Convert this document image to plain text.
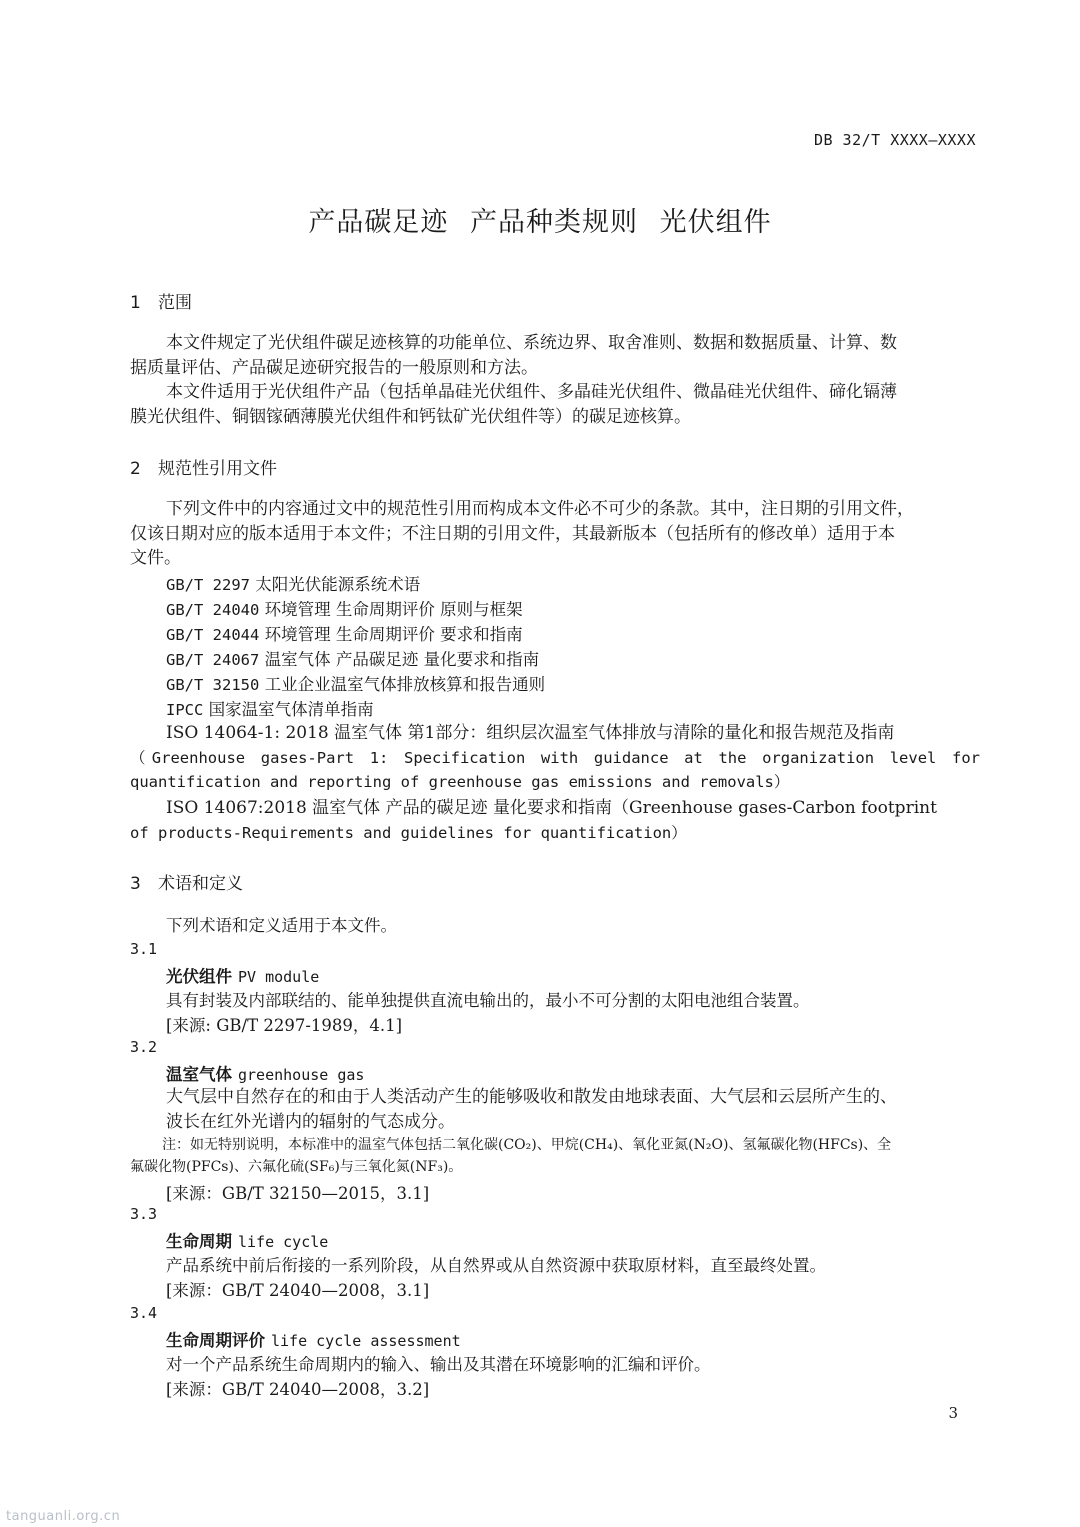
DB 32/T XXXX—XXXX
产品碳足迹 产品种类规则 光伏组件
1 范围
本文件规定了光伏组件碳足迹核算的功能单位、系统边界、取舍准则、数据和数据质量、计算、数
据质量评估、产品碳足迹研究报告的一般原则和方法。
本文件适用于光伏组件产品（包括单晶硅光伏组件、多晶硅光伏组件、微晶硅光伏组件、碲化镉薄
膜光伏组件、铜铟镓硒薄膜光伏组件和钙钛矿光伏组件等）的碳足迹核算。
2 规范性引用文件
下列文件中的内容通过文中的规范性引用而构成本文件必不可少的条款。其中，注日期的引用文件，
仅该日期对应的版本适用于本文件；不注日期的引用文件，其最新版本（包括所有的修改单）适用于本
文件。
GB/T 2297 太阳光伏能源系统术语
GB/T 24040 环境管理 生命周期评价 原则与框架
GB/T 24044 环境管理 生命周期评价 要求和指南
GB/T 24067 温室气体 产品碳足迹 量化要求和指南
GB/T 32150 工业企业温室气体排放核算和报告通则
IPCC 国家温室气体清单指南
ISO 14064-1: 2018 温室气体 第1部分：组织层次温室气体排放与清除的量化和报告规范及指南
（Greenhouse gases-Part 1: Specification with guidance at the organization level for
quantification and reporting of greenhouse gas emissions and removals）
ISO 14067:2018 温室气体 产品的碳足迹 量化要求和指南（Greenhouse gases-Carbon footprint
of products-Requirements and guidelines for quantification）
3 术语和定义
下列术语和定义适用于本文件。
3.1
光伏组件 PV module
具有封装及内部联结的、能单独提供直流电输出的，最小不可分割的太阳电池组合装置。
[来源: GB/T 2297-1989，4.1]
3.2
温室气体 greenhouse gas
大气层中自然存在的和由于人类活动产生的能够吸收和散发由地球表面、大气层和云层所产生的、
波长在红外光谱内的辐射的气态成分。
注：如无特别说明，本标准中的温室气体包括二氧化碳(CO₂)、甲烷(CH₄)、氧化亚氮(N₂O)、氢氟碳化物(HFCs)、全
氟碳化物(PFCs)、六氟化硫(SF₆)与三氧化氮(NF₃)。
[来源：GB/T 32150—2015，3.1]
3.3
生命周期 life cycle
产品系统中前后衔接的一系列阶段，从自然界或从自然资源中获取原材料，直至最终处置。
[来源：GB/T 24040—2008，3.1]
3.4
生命周期评价 life cycle assessment
对一个产品系统生命周期内的输入、输出及其潜在环境影响的汇编和评价。
[来源：GB/T 24040—2008，3.2]
3
tanguanli.org.cn
